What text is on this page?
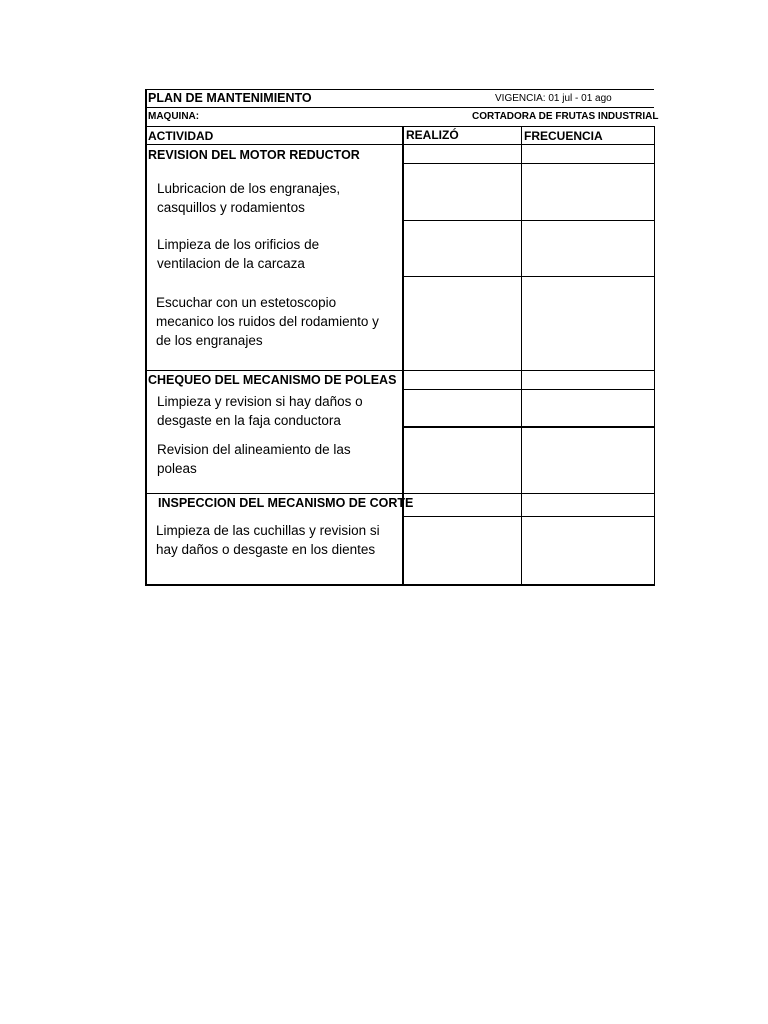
PLAN DE MANTENIMIENTO	VIGENCIA: 01 jul - 01 ago
MAQUINA:	CORTADORA DE FRUTAS INDUSTRIAL
ACTIVIDAD	REALIZÓ	FRECUENCIA
REVISION DEL MOTOR REDUCTOR
Lubricacion de los engranajes, casquillos y rodamientos
Limpieza de los orificios de ventilacion de la carcaza
Escuchar con un estetoscopio mecanico los ruidos del rodamiento y de los engranajes
CHEQUEO DEL MECANISMO DE POLEAS
Limpieza y revision si hay daños o desgaste en la faja conductora
Revision del alineamiento de las poleas
INSPECCION DEL MECANISMO DE CORTE
Limpieza de las cuchillas y revision si hay daños o desgaste en los dientes
